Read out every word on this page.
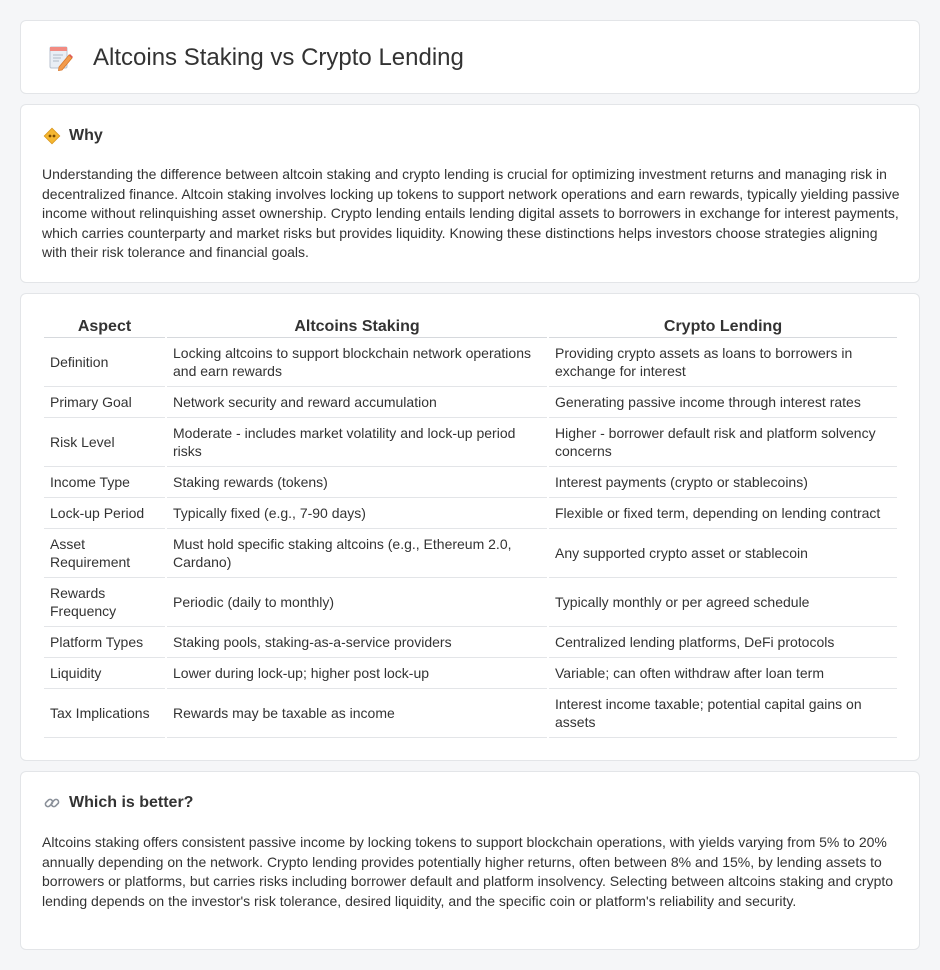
Altcoins Staking vs Crypto Lending
Why

Understanding the difference between altcoin staking and crypto lending is crucial for optimizing investment returns and managing risk in decentralized finance. Altcoin staking involves locking up tokens to support network operations and earn rewards, typically yielding passive income without relinquishing asset ownership. Crypto lending entails lending digital assets to borrowers in exchange for interest payments, which carries counterparty and market risks but provides liquidity. Knowing these distinctions helps investors choose strategies aligning with their risk tolerance and financial goals.

Aspect	Altcoins Staking	Crypto Lending
Definition	Locking altcoins to support blockchain network operations and earn rewards	Providing crypto assets as loans to borrowers in exchange for interest
Primary Goal	Network security and reward accumulation	Generating passive income through interest rates
Risk Level	Moderate - includes market volatility and lock-up period risks	Higher - borrower default risk and platform solvency concerns
Income Type	Staking rewards (tokens)	Interest payments (crypto or stablecoins)
Lock-up Period	Typically fixed (e.g., 7-90 days)	Flexible or fixed term, depending on lending contract
Asset Requirement	Must hold specific staking altcoins (e.g., Ethereum 2.0, Cardano)	Any supported crypto asset or stablecoin
Rewards Frequency	Periodic (daily to monthly)	Typically monthly or per agreed schedule
Platform Types	Staking pools, staking-as-a-service providers	Centralized lending platforms, DeFi protocols
Liquidity	Lower during lock-up; higher post lock-up	Variable; can often withdraw after loan term
Tax Implications	Rewards may be taxable as income	Interest income taxable; potential capital gains on assets
Which is better?

Altcoins staking offers consistent passive income by locking tokens to support blockchain operations, with yields varying from 5% to 20% annually depending on the network. Crypto lending provides potentially higher returns, often between 8% and 15%, by lending assets to borrowers or platforms, but carries risks including borrower default and platform insolvency. Selecting between altcoins staking and crypto lending depends on the investor's risk tolerance, desired liquidity, and the specific coin or platform's reliability and security.
